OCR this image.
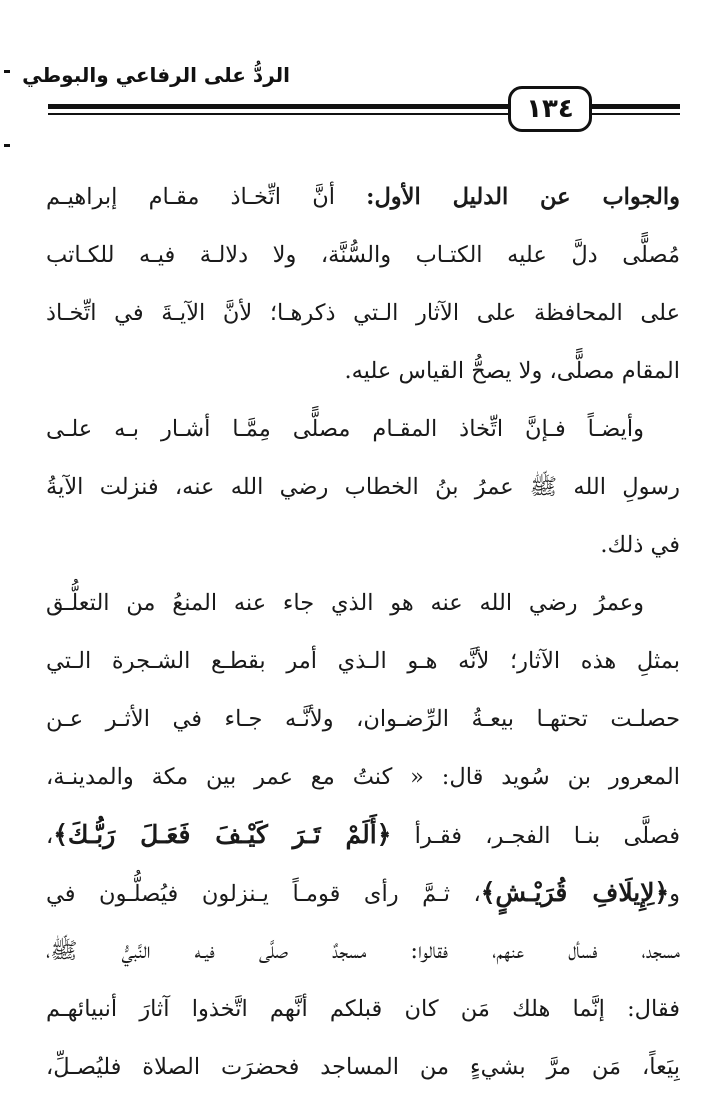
الردُّ على الرفاعي والبوطي
١٣٤
والجواب عن الدليل الأول: أنَّ اتِّخـاذ مقـام إبراهيـم
مُصلًّى دلَّ عليه الكتـاب والسُّنَّة، ولا دلالـة فيـه للكـاتب
على المحافظة على الآثار الـتي ذكرهـا؛ لأنَّ الآيـةَ في اتِّخـاذ
المقام مصلًّى، ولا يصحُّ القياس عليه.
وأيضـاً فـإنَّ اتِّخاذ المقـام مصلًّى مِمَّـا أشـار بـه علـى
رسولِ الله ﷺ عمرُ بنُ الخطاب رضي الله عنه، فنزلت الآيةُ
في ذلك.
وعمرُ رضي الله عنه هو الذي جاء عنه المنعُ من التعلُّـق
بمثلِ هذه الآثار؛ لأنَّه هـو الـذي أمر بقطـع الشـجرة الـتي
حصلـت تحتهـا بيعـةُ الرِّضـوان، ولأنَّـه جـاء في الأثـر عـن
المعرور بن سُويد قال: « كنتُ مع عمر بين مكة والمدينـة،
فصلَّى بنـا الفجـر، فقـرأ ﴿أَلَمْ تَـرَ كَيْـفَ فَعَـلَ رَبُّـكَ﴾،
و﴿لِإِيلَافِ قُرَيْـشٍ﴾، ثـمَّ رأى قومـاً يـنزلون فيُصلُّـون في
مسجد، فسأل عنهم، فقالوا: مسجدٌ صلَّى فيـه النَّبيُّ ﷺ،
فقال: إنَّما هلك مَن كان قبلكم أنَّهم اتَّخذوا آثارَ أنبيائهـم
بِيَعاً، مَن مرَّ بشيءٍ من المساجد فحضرَت الصلاة فليُصـلِّ،
